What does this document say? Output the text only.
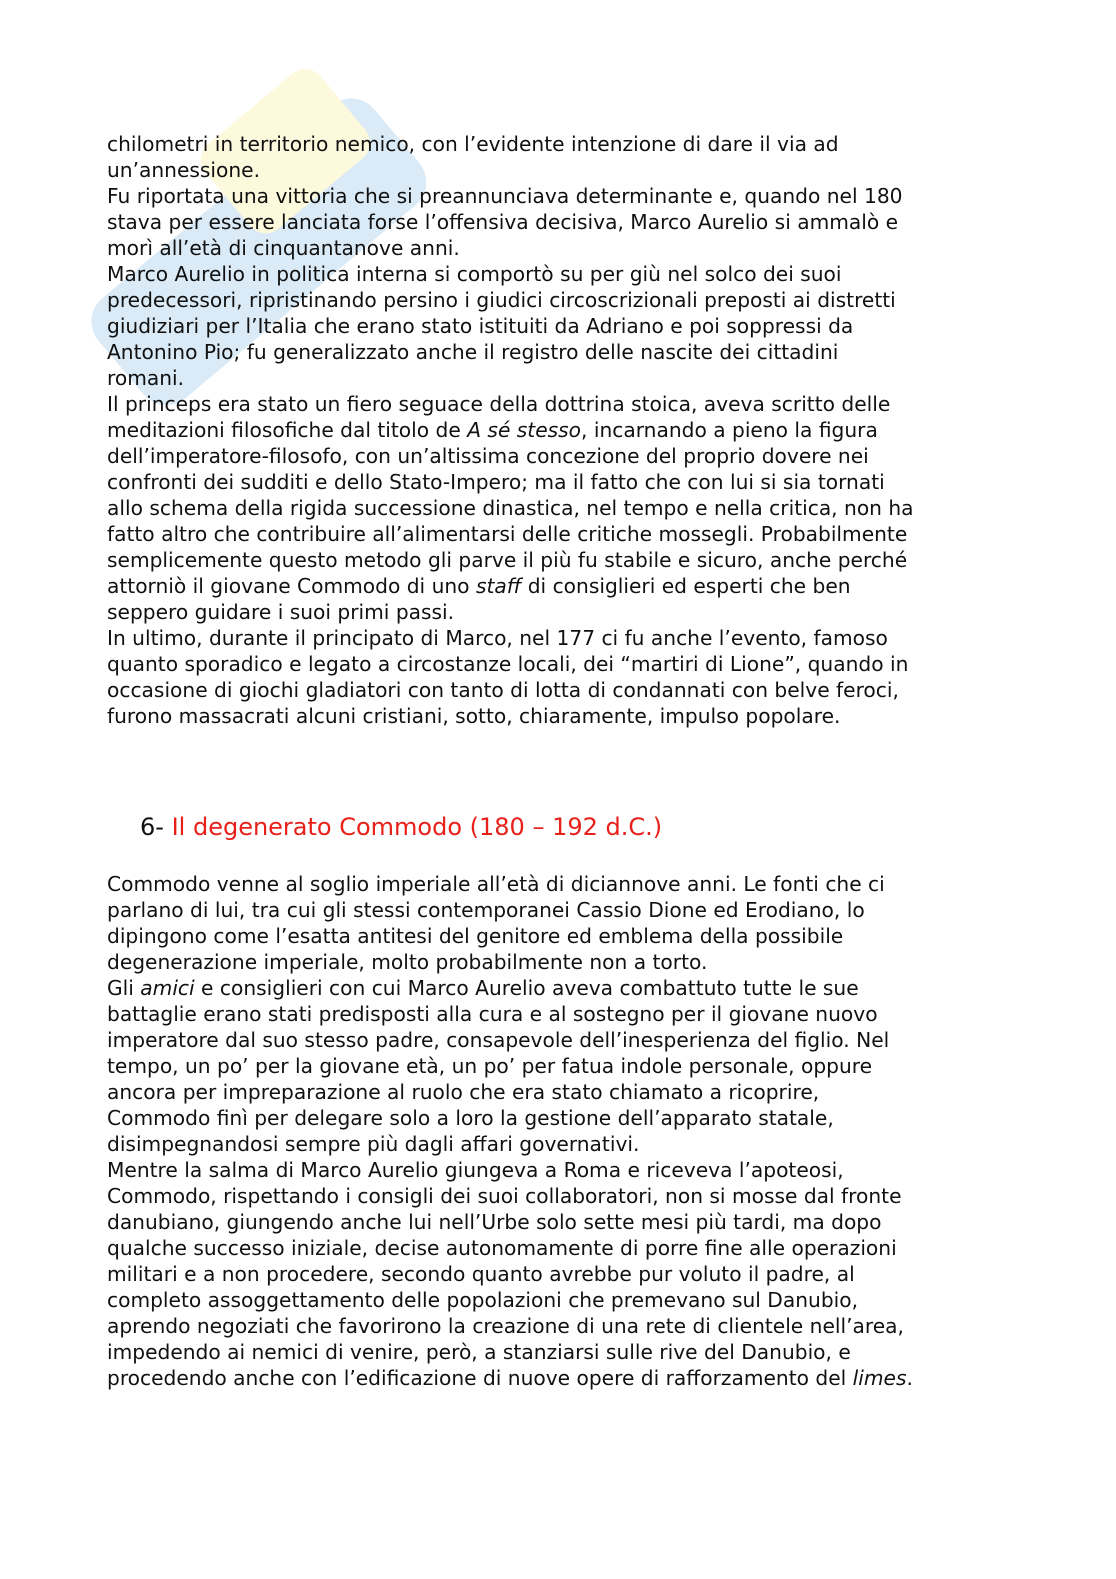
chilometri in territorio nemico, con l’evidente intenzione di dare il via ad
un’annessione.
Fu riportata una vittoria che si preannunciava determinante e, quando nel 180
stava per essere lanciata forse l’offensiva decisiva, Marco Aurelio si ammalò e
morì all’età di cinquantanove anni.
Marco Aurelio in politica interna si comportò su per giù nel solco dei suoi
predecessori, ripristinando persino i giudici circoscrizionali preposti ai distretti
giudiziari per l’Italia che erano stato istituiti da Adriano e poi soppressi da
Antonino Pio; fu generalizzato anche il registro delle nascite dei cittadini
romani.
Il princeps era stato un fiero seguace della dottrina stoica, aveva scritto delle
meditazioni filosofiche dal titolo de A sé stesso, incarnando a pieno la figura
dell’imperatore-filosofo, con un’altissima concezione del proprio dovere nei
confronti dei sudditi e dello Stato-Impero; ma il fatto che con lui si sia tornati
allo schema della rigida successione dinastica, nel tempo e nella critica, non ha
fatto altro che contribuire all’alimentarsi delle critiche mossegli. Probabilmente
semplicemente questo metodo gli parve il più fu stabile e sicuro, anche perché
attorniò il giovane Commodo di uno staff di consiglieri ed esperti che ben
seppero guidare i suoi primi passi.
In ultimo, durante il principato di Marco, nel 177 ci fu anche l’evento, famoso
quanto sporadico e legato a circostanze locali, dei “martiri di Lione”, quando in
occasione di giochi gladiatori con tanto di lotta di condannati con belve feroci,
furono massacrati alcuni cristiani, sotto, chiaramente, impulso popolare.

6- Il degenerato Commodo (180 – 192 d.C.)

Commodo venne al soglio imperiale all’età di diciannove anni. Le fonti che ci
parlano di lui, tra cui gli stessi contemporanei Cassio Dione ed Erodiano, lo
dipingono come l’esatta antitesi del genitore ed emblema della possibile
degenerazione imperiale, molto probabilmente non a torto.
Gli amici e consiglieri con cui Marco Aurelio aveva combattuto tutte le sue
battaglie erano stati predisposti alla cura e al sostegno per il giovane nuovo
imperatore dal suo stesso padre, consapevole dell’inesperienza del figlio. Nel
tempo, un po’ per la giovane età, un po’ per fatua indole personale, oppure
ancora per impreparazione al ruolo che era stato chiamato a ricoprire,
Commodo finì per delegare solo a loro la gestione dell’apparato statale,
disimpegnandosi sempre più dagli affari governativi.
Mentre la salma di Marco Aurelio giungeva a Roma e riceveva l’apoteosi,
Commodo, rispettando i consigli dei suoi collaboratori, non si mosse dal fronte
danubiano, giungendo anche lui nell’Urbe solo sette mesi più tardi, ma dopo
qualche successo iniziale, decise autonomamente di porre fine alle operazioni
militari e a non procedere, secondo quanto avrebbe pur voluto il padre, al
completo assoggettamento delle popolazioni che premevano sul Danubio,
aprendo negoziati che favorirono la creazione di una rete di clientele nell’area,
impedendo ai nemici di venire, però, a stanziarsi sulle rive del Danubio, e
procedendo anche con l’edificazione di nuove opere di rafforzamento del limes.
